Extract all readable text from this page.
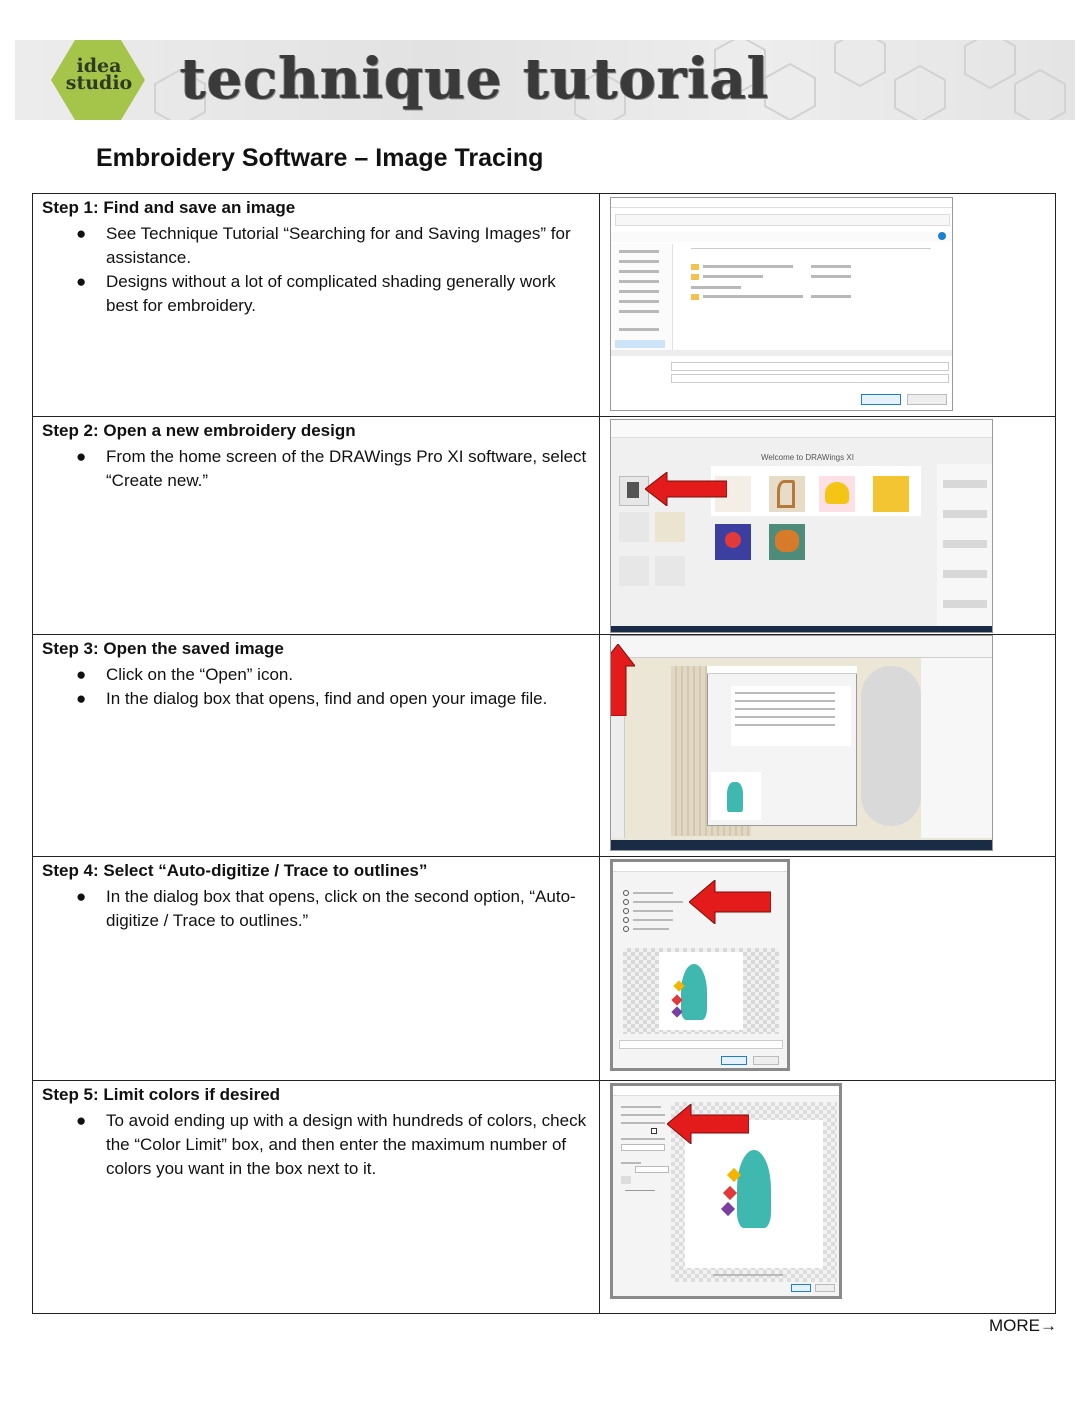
idea
studio technique tutorial
Embroidery Software – Image Tracing
Step 1: Find and save an image
● See Technique Tutorial “Searching for and Saving Images” for assistance.
● Designs without a lot of complicated shading generally work best for embroidery.
Step 2: Open a new embroidery design
● From the home screen of the DRAWings Pro XI software, select “Create new.”
Welcome to DRAWings XI
Step 3: Open the saved image
● Click on the “Open” icon.
● In the dialog box that opens, find and open your image file.
Step 4: Select “Auto-digitize / Trace to outlines”
● In the dialog box that opens, click on the second option, “Auto-digitize / Trace to outlines.”
Step 5: Limit colors if desired
● To avoid ending up with a design with hundreds of colors, check the “Color Limit” box, and then enter the maximum number of colors you want in the box next to it.
MORE→
